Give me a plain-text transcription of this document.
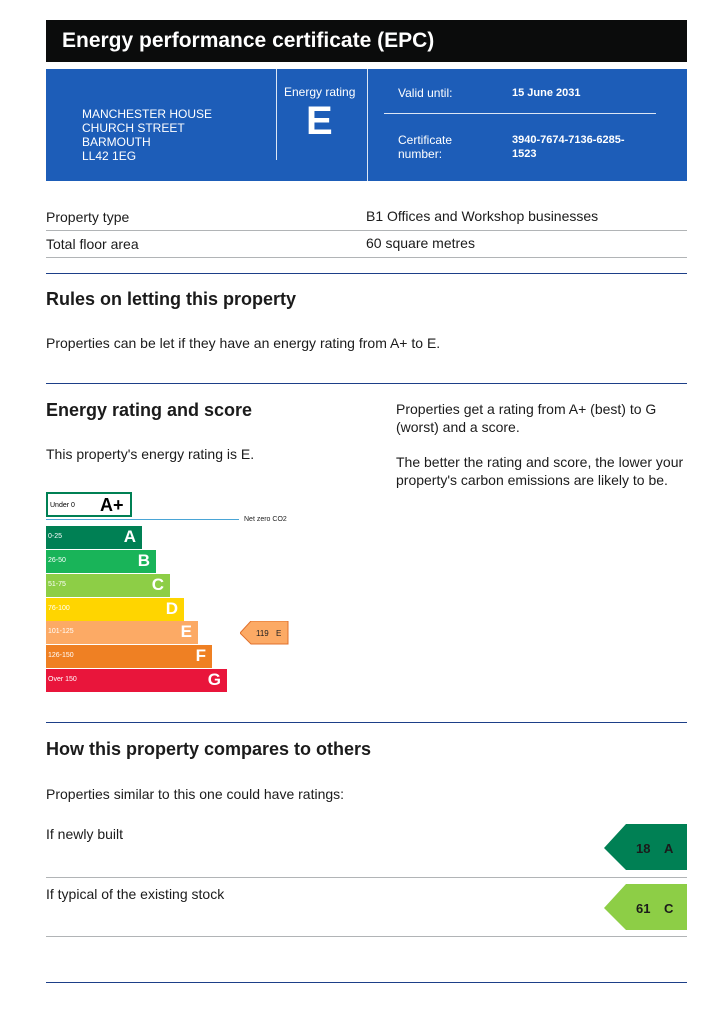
Energy performance certificate (EPC)
MANCHESTER HOUSE
CHURCH STREET
BARMOUTH
LL42 1EG
Energy rating
E
Valid until:	15 June 2031
Certificate
number:
3940-7674-7136-6285-
1523
Property type	B1 Offices and Workshop businesses
Total floor area	60 square metres
Rules on letting this property
Properties can be let if they have an energy rating from A+ to E.
Energy rating and score
This property's energy rating is E.
Properties get a rating from A+ (best) to G (worst) and a score.
The better the rating and score, the lower your property's carbon emissions are likely to be.
Under 0 A+
Net zero CO2
0-25	A
26-50	B
51-75	C
76-100	D
101-125	E
126-150	F
Over 150	G
119 E
How this property compares to others
Properties similar to this one could have ratings:
If newly built
18 A
If typical of the existing stock
61 C
